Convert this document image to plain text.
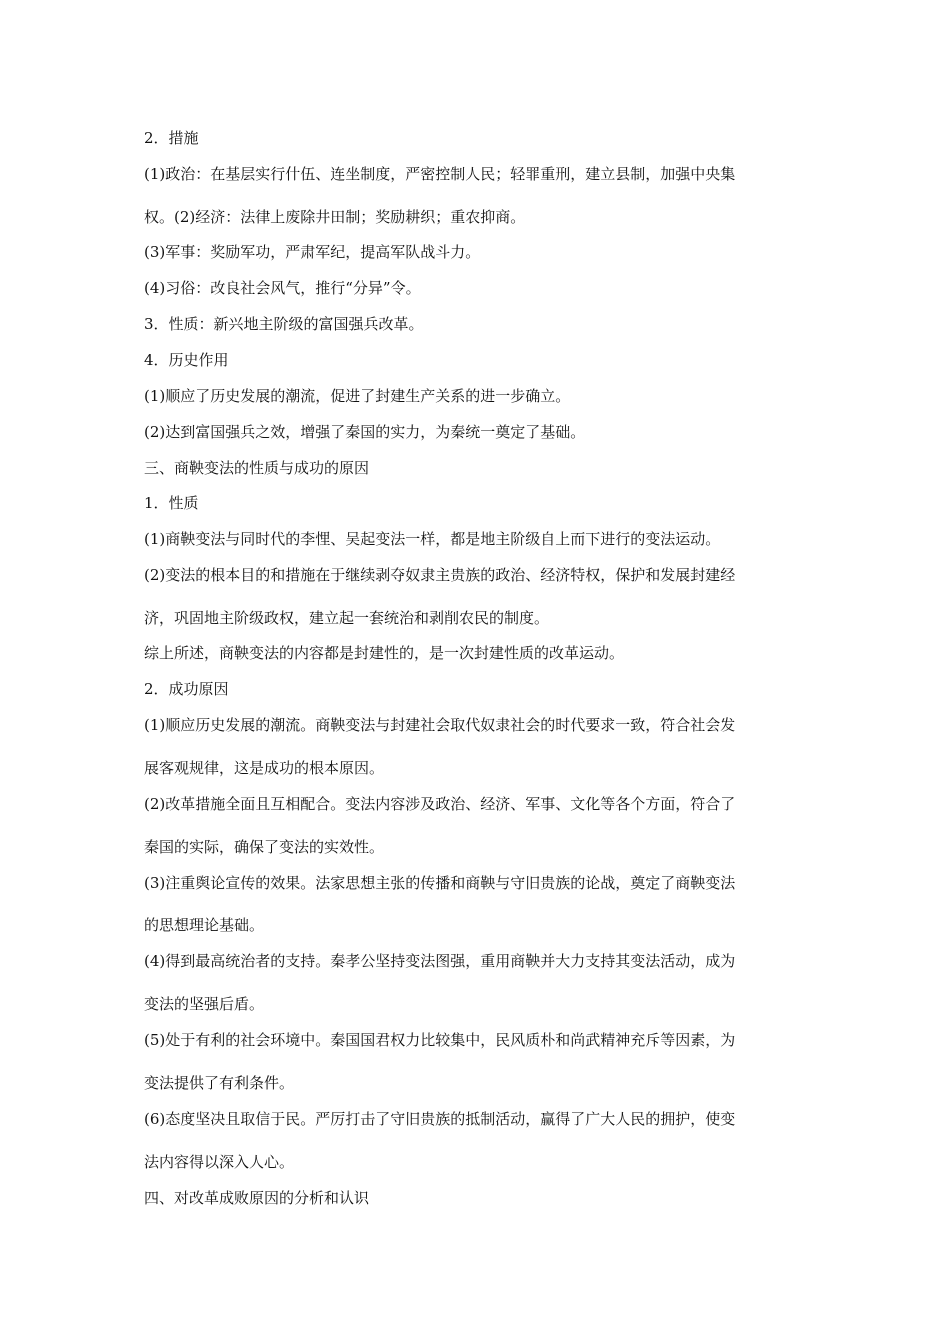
2．措施
(1)政治：在基层实行什伍、连坐制度，严密控制人民；轻罪重刑，建立县制，加强中央集
权。(2)经济：法律上废除井田制；奖励耕织；重农抑商。
(3)军事：奖励军功，严肃军纪，提高军队战斗力。
(4)习俗：改良社会风气，推行“分异”令。
3．性质：新兴地主阶级的富国强兵改革。
4．历史作用
(1)顺应了历史发展的潮流，促进了封建生产关系的进一步确立。
(2)达到富国强兵之效，增强了秦国的实力，为秦统一奠定了基础。
三、商鞅变法的性质与成功的原因
1．性质
(1)商鞅变法与同时代的李悝、吴起变法一样，都是地主阶级自上而下进行的变法运动。
(2)变法的根本目的和措施在于继续剥夺奴隶主贵族的政治、经济特权，保护和发展封建经
济，巩固地主阶级政权，建立起一套统治和剥削农民的制度。
综上所述，商鞅变法的内容都是封建性的，是一次封建性质的改革运动。
2．成功原因
(1)顺应历史发展的潮流。商鞅变法与封建社会取代奴隶社会的时代要求一致，符合社会发
展客观规律，这是成功的根本原因。
(2)改革措施全面且互相配合。变法内容涉及政治、经济、军事、文化等各个方面，符合了
秦国的实际，确保了变法的实效性。
(3)注重舆论宣传的效果。法家思想主张的传播和商鞅与守旧贵族的论战，奠定了商鞅变法
的思想理论基础。
(4)得到最高统治者的支持。秦孝公坚持变法图强，重用商鞅并大力支持其变法活动，成为
变法的坚强后盾。
(5)处于有利的社会环境中。秦国国君权力比较集中，民风质朴和尚武精神充斥等因素，为
变法提供了有利条件。
(6)态度坚决且取信于民。严厉打击了守旧贵族的抵制活动，赢得了广大人民的拥护，使变
法内容得以深入人心。
四、对改革成败原因的分析和认识
